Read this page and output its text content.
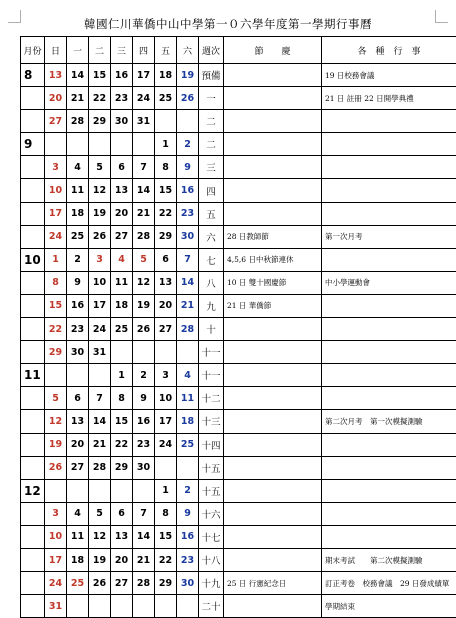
韓國仁川華僑中山中學第一０六學年度第一學期行事曆
月份	日	一	二	三	四	五	六	週次	節　　慶	各　種　行　事
8	13	14	15	16	17	18	19	預備		19 日校務會議
	20	21	22	23	24	25	26	一		21 日 註冊 22 日開學典禮
	27	28	29	30	31			二		
9						1	2	二		
	3	4	5	6	7	8	9	三		
	10	11	12	13	14	15	16	四		
	17	18	19	20	21	22	23	五		
	24	25	26	27	28	29	30	六	28 日教師節	第一次月考
10	1	2	3	4	5	6	7	七	4,5,6 日中秋節連休	
	8	9	10	11	12	13	14	八	10 日 雙十國慶節	中小學運動會
	15	16	17	18	19	20	21	九	21 日 華僑節	
	22	23	24	25	26	27	28	十		
	29	30	31					十一		
11				1	2	3	4	十一		
	5	6	7	8	9	10	11	十二		
	12	13	14	15	16	17	18	十三		第二次月考　第一次模擬測驗
	19	20	21	22	23	24	25	十四		
	26	27	28	29	30			十五		
12						1	2	十五		
	3	4	5	6	7	8	9	十六		
	10	11	12	13	14	15	16	十七		
	17	18	19	20	21	22	23	十八		期末考試　　第二次模擬測驗
	24	25	26	27	28	29	30	十九	25 日 行憲紀念日	訂正考卷　校務會議　29 日發成績單
	31							二十		學期結束
